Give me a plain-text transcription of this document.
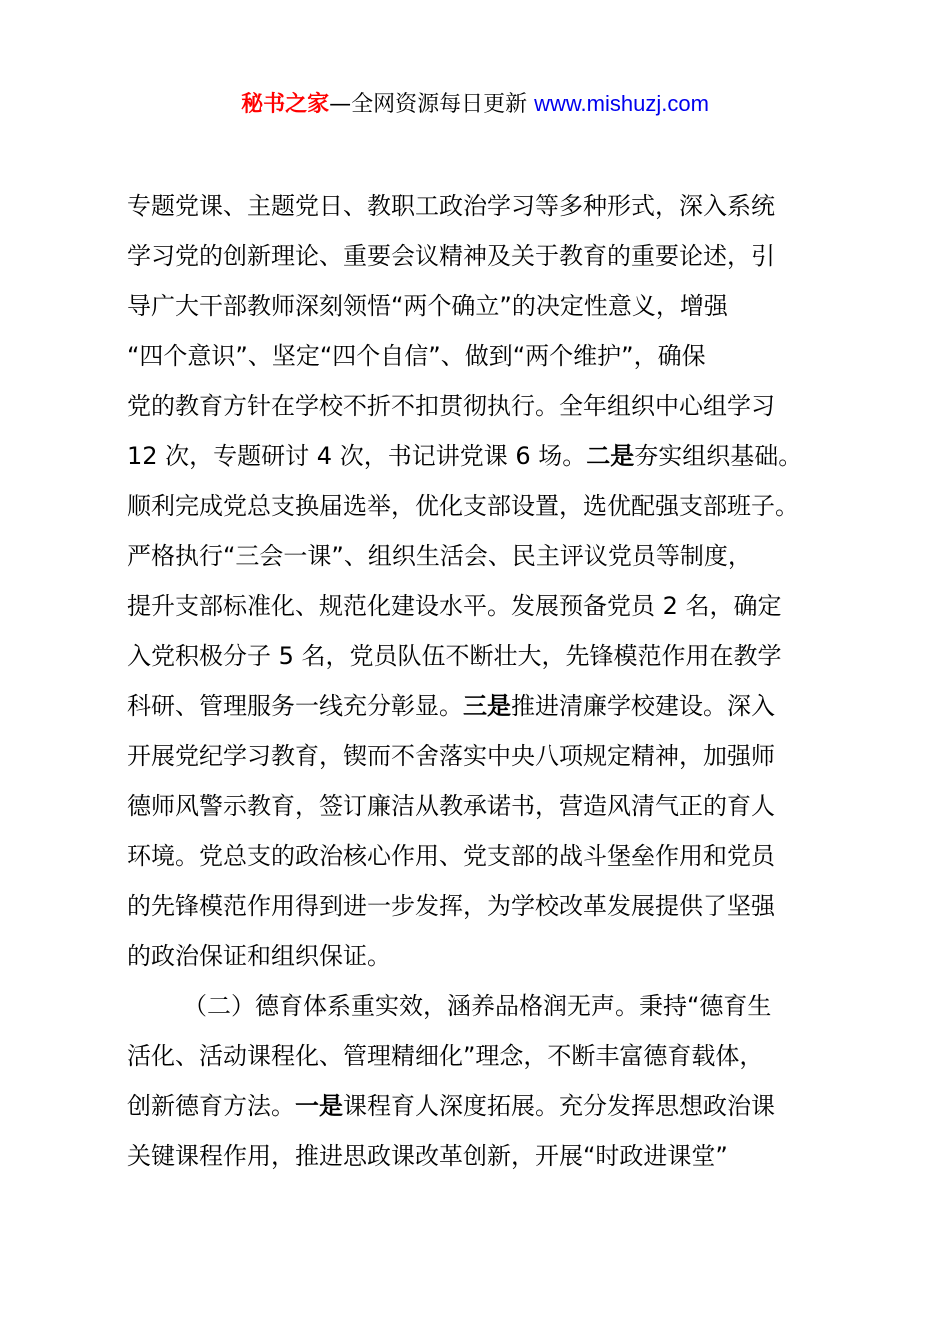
秘书之家—全网资源每日更新 www.mishuzj.com
专题党课、主题党日、教职工政治学习等多种形式，深入系统
学习党的创新理论、重要会议精神及关于教育的重要论述，引
导广大干部教师深刻领悟“两个确立”的决定性意义，增强
“四个意识”、坚定“四个自信”、做到“两个维护”，确保
党的教育方针在学校不折不扣贯彻执行。全年组织中心组学习
12 次，专题研讨 4 次，书记讲党课 6 场。二是夯实组织基础。
顺利完成党总支换届选举，优化支部设置，选优配强支部班子。
严格执行“三会一课”、组织生活会、民主评议党员等制度，
提升支部标准化、规范化建设水平。发展预备党员 2 名，确定
入党积极分子 5 名，党员队伍不断壮大，先锋模范作用在教学
科研、管理服务一线充分彰显。三是推进清廉学校建设。深入
开展党纪学习教育，锲而不舍落实中央八项规定精神，加强师
德师风警示教育，签订廉洁从教承诺书，营造风清气正的育人
环境。党总支的政治核心作用、党支部的战斗堡垒作用和党员
的先锋模范作用得到进一步发挥，为学校改革发展提供了坚强
的政治保证和组织保证。
（二）德育体系重实效，涵养品格润无声。秉持“德育生
活化、活动课程化、管理精细化”理念，不断丰富德育载体，
创新德育方法。一是课程育人深度拓展。充分发挥思想政治课
关键课程作用，推进思政课改革创新，开展“时政进课堂”
